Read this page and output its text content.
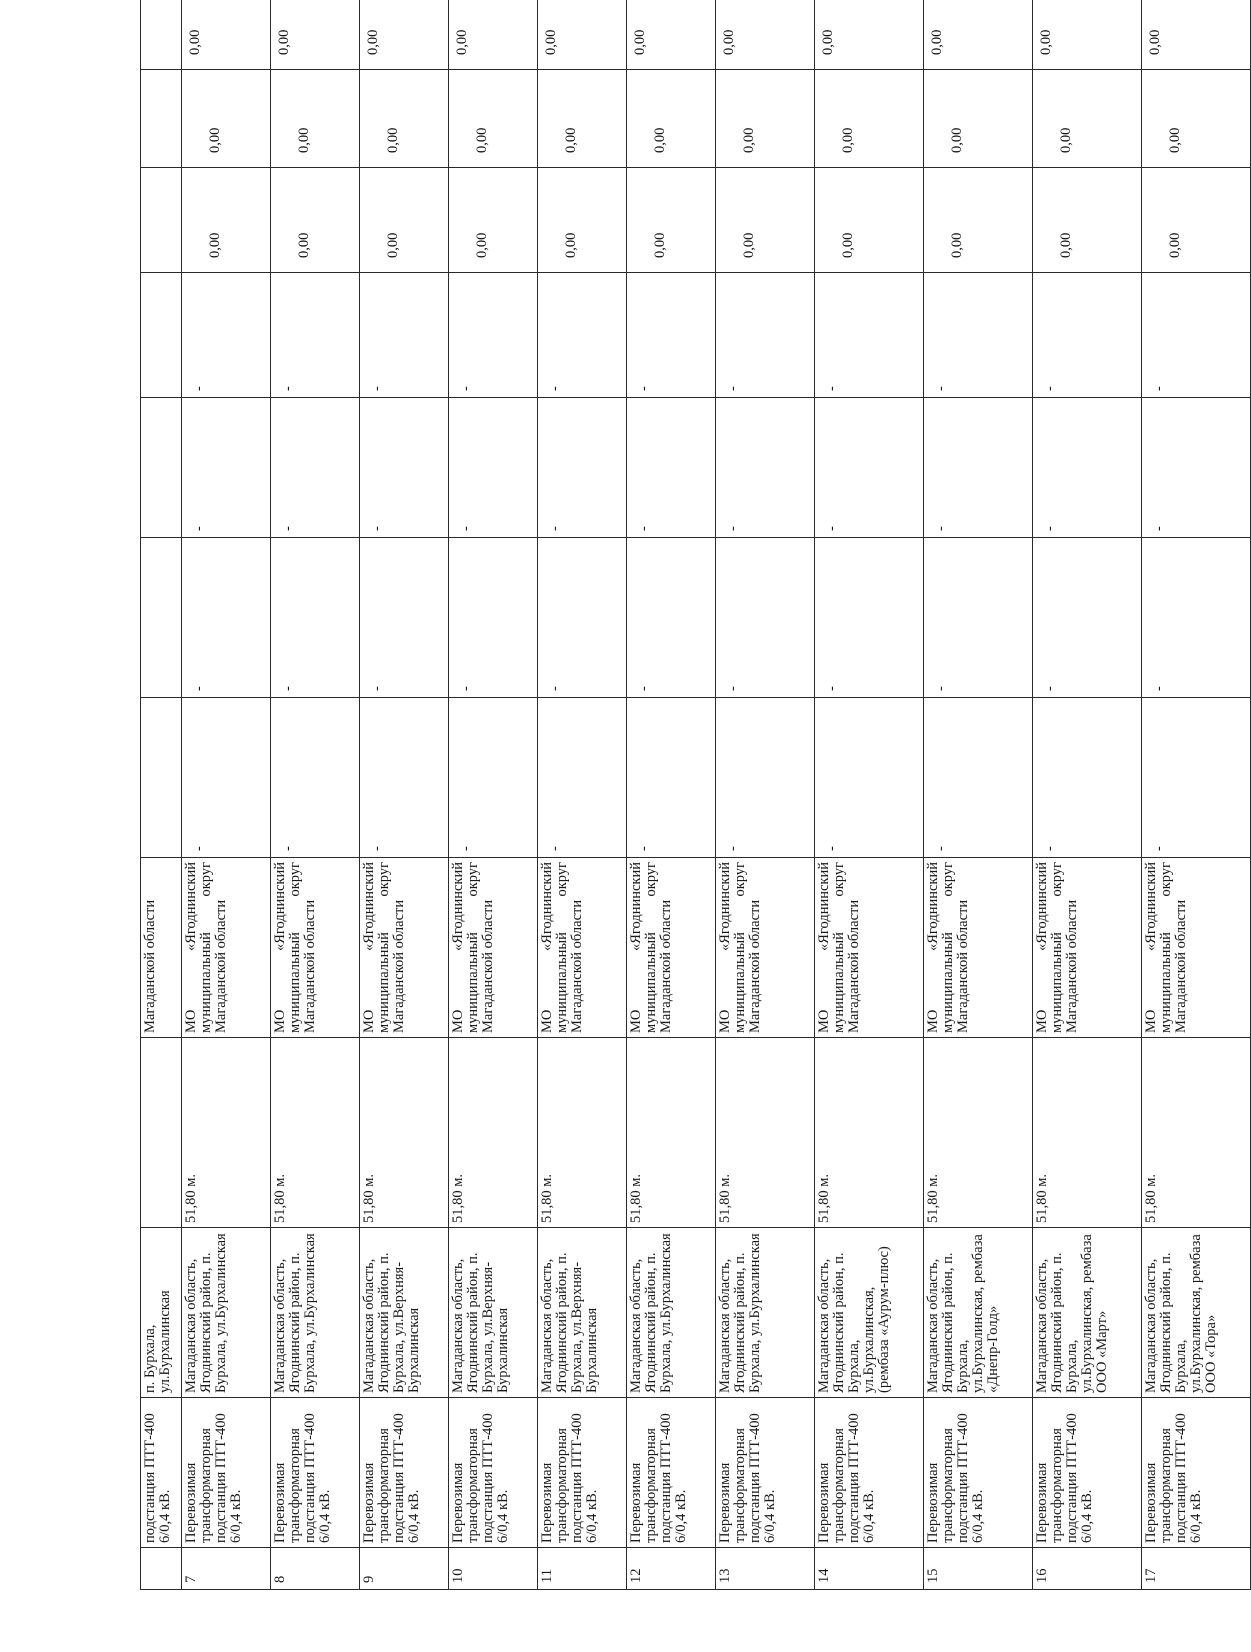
	подстанция ПТТ-400 6/0,4 кВ.	п. Бурхала, ул.Бурхалинская		Магаданской области							
7	Перевозимая трансформаторная подстанция ПТТ-400 6/0,4 кВ.	Магаданская область, Ягоднинский район, п. Бурхала, ул.Бурхалинская	51,80 м.	МО «Ягоднинский муниципальный округ Магаданской области	-	-	-	-	0,00	0,00	0,00
8	Перевозимая трансформаторная подстанция ПТТ-400 6/0,4 кВ.	Магаданская область, Ягоднинский район, п. Бурхала, ул.Бурхалинская	51,80 м.	МО «Ягоднинский муниципальный округ Магаданской области	-	-	-	-	0,00	0,00	0,00
9	Перевозимая трансформаторная подстанция ПТТ-400 6/0,4 кВ.	Магаданская область, Ягоднинский район, п. Бурхала, ул.Верхняя-Бурхалинская	51,80 м.	МО «Ягоднинский муниципальный округ Магаданской области	-	-	-	-	0,00	0,00	0,00
10	Перевозимая трансформаторная подстанция ПТТ-400 6/0,4 кВ.	Магаданская область, Ягоднинский район, п. Бурхала, ул.Верхняя-Бурхалинская	51,80 м.	МО «Ягоднинский муниципальный округ Магаданской области	-	-	-	-	0,00	0,00	0,00
11	Перевозимая трансформаторная подстанция ПТТ-400 6/0,4 кВ.	Магаданская область, Ягоднинский район, п. Бурхала, ул.Верхняя-Бурхалинская	51,80 м.	МО «Ягоднинский муниципальный округ Магаданской области	-	-	-	-	0,00	0,00	0,00
12	Перевозимая трансформаторная подстанция ПТТ-400 6/0,4 кВ.	Магаданская область, Ягоднинский район, п. Бурхала, ул.Бурхалинская	51,80 м.	МО «Ягоднинский муниципальный округ Магаданской области	-	-	-	-	0,00	0,00	0,00
13	Перевозимая трансформаторная подстанция ПТТ-400 6/0,4 кВ.	Магаданская область, Ягоднинский район, п. Бурхала, ул.Бурхалинская	51,80 м.	МО «Ягоднинский муниципальный округ Магаданской области	-	-	-	-	0,00	0,00	0,00
14	Перевозимая трансформаторная подстанция ПТТ-400 6/0,4 кВ.	Магаданская область, Ягоднинский район, п. Бурхала, ул.Бурхалинская, (рембаза «Аурум-плюс)	51,80 м.	МО «Ягоднинский муниципальный округ Магаданской области	-	-	-	-	0,00	0,00	0,00
15	Перевозимая трансформаторная подстанция ПТТ-400 6/0,4 кВ.	Магаданская область, Ягоднинский район, п. Бурхала, ул.Бурхалинская, рембаза «Днепр-Голд»	51,80 м.	МО «Ягоднинский муниципальный округ Магаданской области	-	-	-	-	0,00	0,00	0,00
16	Перевозимая трансформаторная подстанция ПТТ-400 6/0,4 кВ.	Магаданская область, Ягоднинский район, п. Бурхала, ул.Бурхалинская, рембаза ООО «Март»	51,80 м.	МО «Ягоднинский муниципальный округ Магаданской области	-	-	-	-	0,00	0,00	0,00
17	Перевозимая трансформаторная подстанция ПТТ-400 6/0,4 кВ.	Магаданская область, Ягоднинский район, п. Бурхала, ул.Бурхалинская, рембаза ООО «Тора»	51,80 м.	МО «Ягоднинский муниципальный округ Магаданской области	-	-	-	-	0,00	0,00	0,00
